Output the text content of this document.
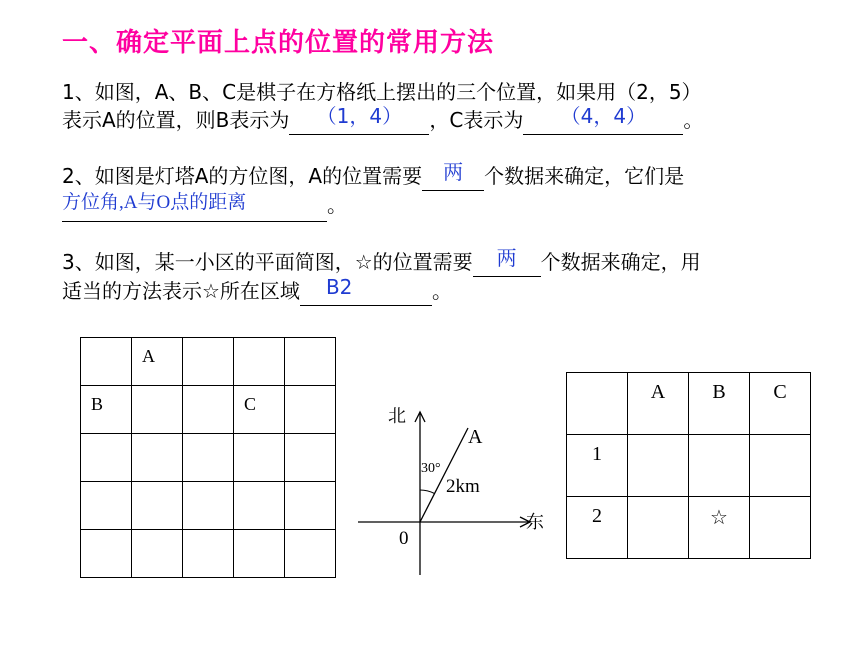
一、确定平面上点的位置的常用方法
1、如图，A、B、C是棋子在方格纸上摆出的三个位置，如果用（2，5）
表示A的位置，则B表示为 （1，4） ，C表示为 （4，4） 。
2、如图是灯塔A的方位图，A的位置需要 两 个数据来确定，它们是
方位角,A与O点的距离	。
3、如图，某一小区的平面简图，☆的位置需要 两 个数据来确定，用
适当的方法表示☆所在区域 B2	。

	A			

B			C	

北
东
0
A
30°
2km

	A	B	C

1			

2		☆	
